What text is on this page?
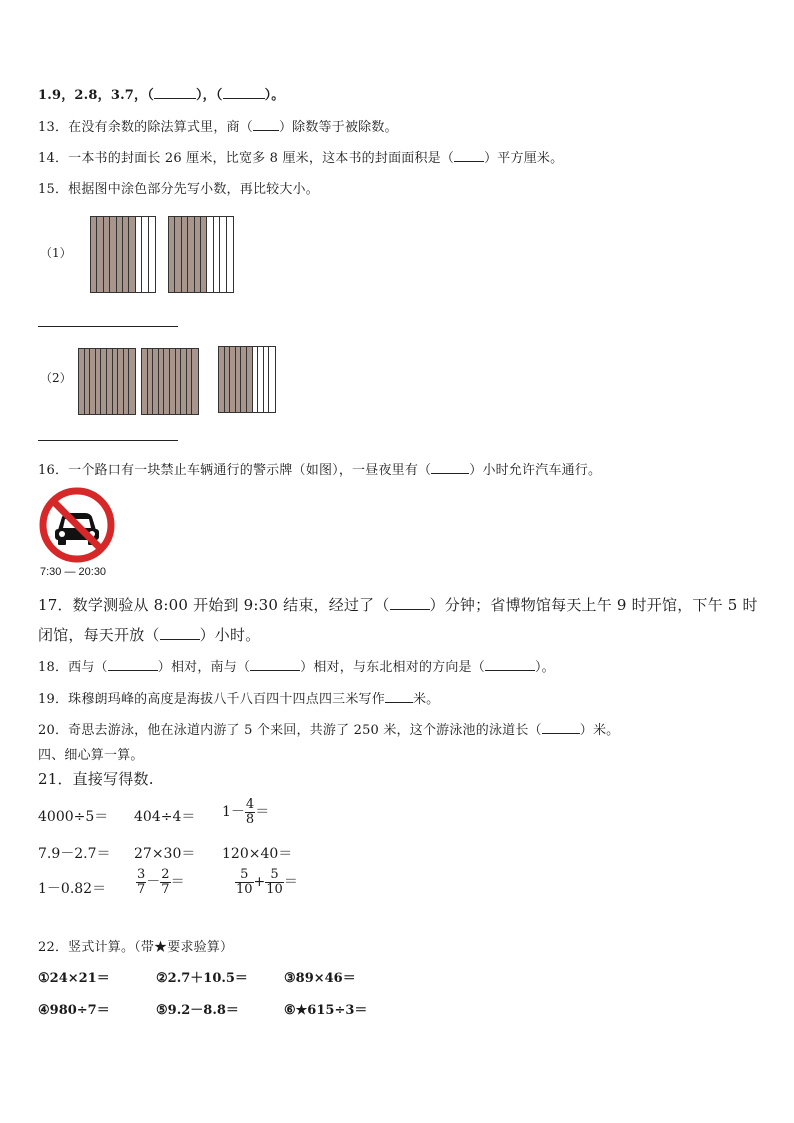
1.9，2.8，3.7，（	），（	）。
13．在没有余数的除法算式里，商（ ）除数等于被除数。
14．一本书的封面长 26 厘米，比宽多 8 厘米，这本书的封面面积是（ ）平方厘米。
15．根据图中涂色部分先写小数，再比较大小。
（1）
（2）
16．一个路口有一块禁止车辆通行的警示牌（如图），一昼夜里有（	）小时允许汽车通行。
7:30 — 20:30
17．数学测验从 8:00 开始到 9:30 结束，经过了（	）分钟；省博物馆每天上午 9 时开馆，下午 5 时
闭馆，每天开放（	）小时。
18．西与（	）相对，南与（	）相对，与东北相对的方向是（	）。
19．珠穆朗玛峰的高度是海拔八千八百四十四点四三米写作 米。
20．奇思去游泳，他在泳道内游了 5 个来回，共游了 250 米，这个游泳池的泳道长（	）米。
四、细心算一算。
21．直接写得数.
$4000\div 5= 404\div 4= 1- \frac{4}{8}$ ＝
7.9－2.7＝ 27×30＝ 120×40＝
$1-0.82= \frac{3}{7} - \frac{2}{7}$ ＝	$\frac{5}{10} + \frac{5}{10}$ ＝
22．竖式计算。（带★要求验算）
①24×21＝	②2.7＋10.5＝	③89×46＝
④980÷7＝	⑤9.2－8.8＝	⑥★615÷3＝
